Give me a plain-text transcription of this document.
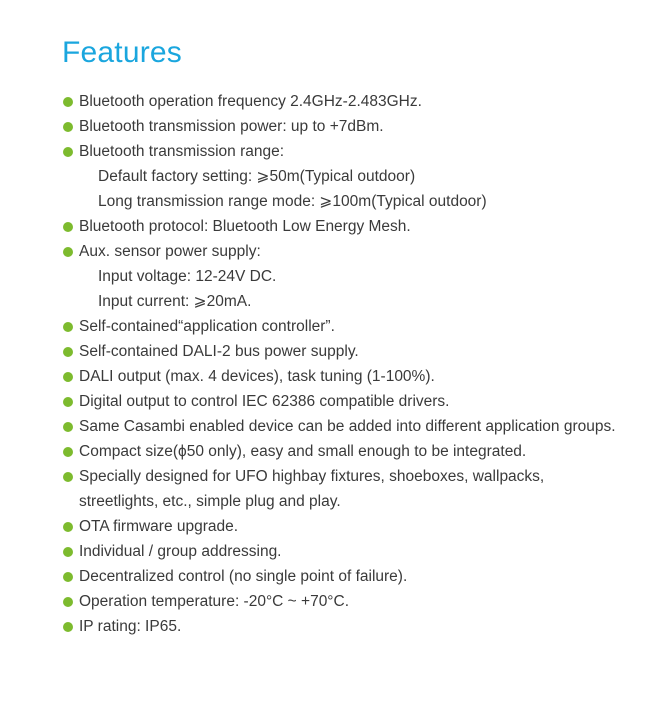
Features
Bluetooth operation frequency 2.4GHz-2.483GHz.
Bluetooth transmission power: up to +7dBm.
Bluetooth transmission range:
Default factory setting: ⩾50m(Typical outdoor)
Long transmission range mode: ⩾100m(Typical outdoor)
Bluetooth protocol: Bluetooth Low Energy Mesh.
Aux. sensor power supply:
Input voltage: 12-24V DC.
Input current: ⩾20mA.
Self-contained“application controller”.
Self-contained DALI-2 bus power supply.
DALI output (max. 4 devices), task tuning (1-100%).
Digital output to control IEC 62386 compatible drivers.
Same Casambi enabled device can be added into different application groups.
Compact size(ϕ50 only), easy and small enough to be integrated.
Specially designed for UFO highbay fixtures, shoeboxes, wallpacks, streetlights, etc., simple plug and play.
OTA firmware upgrade.
Individual / group addressing.
Decentralized control (no single point of failure).
Operation temperature: -20°C ~ +70°C.
IP rating: IP65.
